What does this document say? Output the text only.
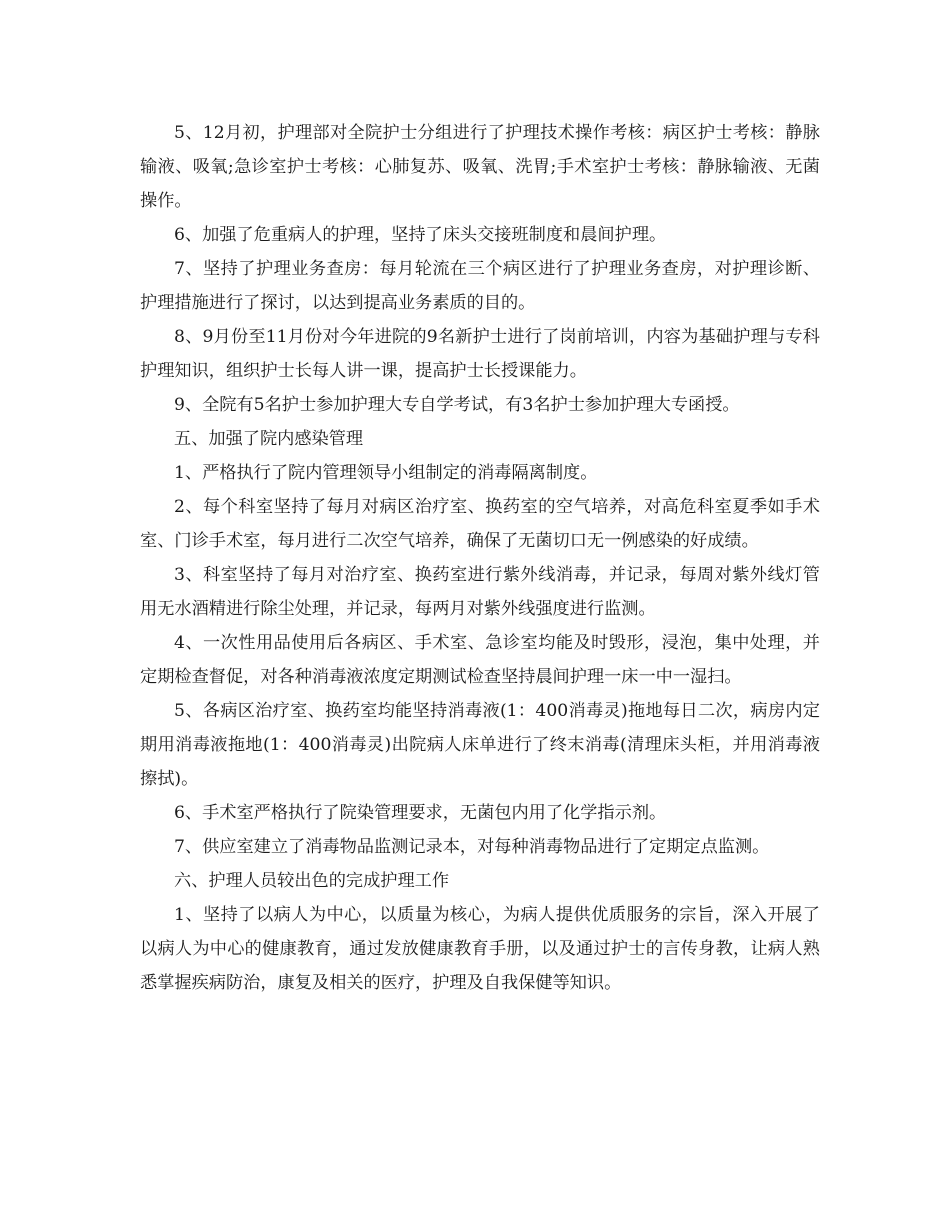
5、12月初，护理部对全院护士分组进行了护理技术操作考核：病区护士考核：静脉输液、吸氧;急诊室护士考核：心肺复苏、吸氧、洗胃;手术室护士考核：静脉输液、无菌操作。

6、加强了危重病人的护理，坚持了床头交接班制度和晨间护理。

7、坚持了护理业务查房：每月轮流在三个病区进行了护理业务查房，对护理诊断、护理措施进行了探讨，以达到提高业务素质的目的。

8、9月份至11月份对今年进院的9名新护士进行了岗前培训，内容为基础护理与专科护理知识，组织护士长每人讲一课，提高护士长授课能力。

9、全院有5名护士参加护理大专自学考试，有3名护士参加护理大专函授。

五、加强了院内感染管理

1、严格执行了院内管理领导小组制定的消毒隔离制度。

2、每个科室坚持了每月对病区治疗室、换药室的空气培养，对高危科室夏季如手术室、门诊手术室，每月进行二次空气培养，确保了无菌切口无一例感染的好成绩。

3、科室坚持了每月对治疗室、换药室进行紫外线消毒，并记录，每周对紫外线灯管用无水酒精进行除尘处理，并记录，每两月对紫外线强度进行监测。

4、一次性用品使用后各病区、手术室、急诊室均能及时毁形，浸泡，集中处理，并定期检查督促，对各种消毒液浓度定期测试检查坚持晨间护理一床一中一湿扫。

5、各病区治疗室、换药室均能坚持消毒液(1：400消毒灵)拖地每日二次，病房内定期用消毒液拖地(1：400消毒灵)出院病人床单进行了终末消毒(清理床头柜，并用消毒液擦拭)。

6、手术室严格执行了院染管理要求，无菌包内用了化学指示剂。

7、供应室建立了消毒物品监测记录本，对每种消毒物品进行了定期定点监测。

六、护理人员较出色的完成护理工作

1、坚持了以病人为中心，以质量为核心，为病人提供优质服务的宗旨，深入开展了以病人为中心的健康教育，通过发放健康教育手册，以及通过护士的言传身教，让病人熟悉掌握疾病防治，康复及相关的医疗，护理及自我保健等知识。
